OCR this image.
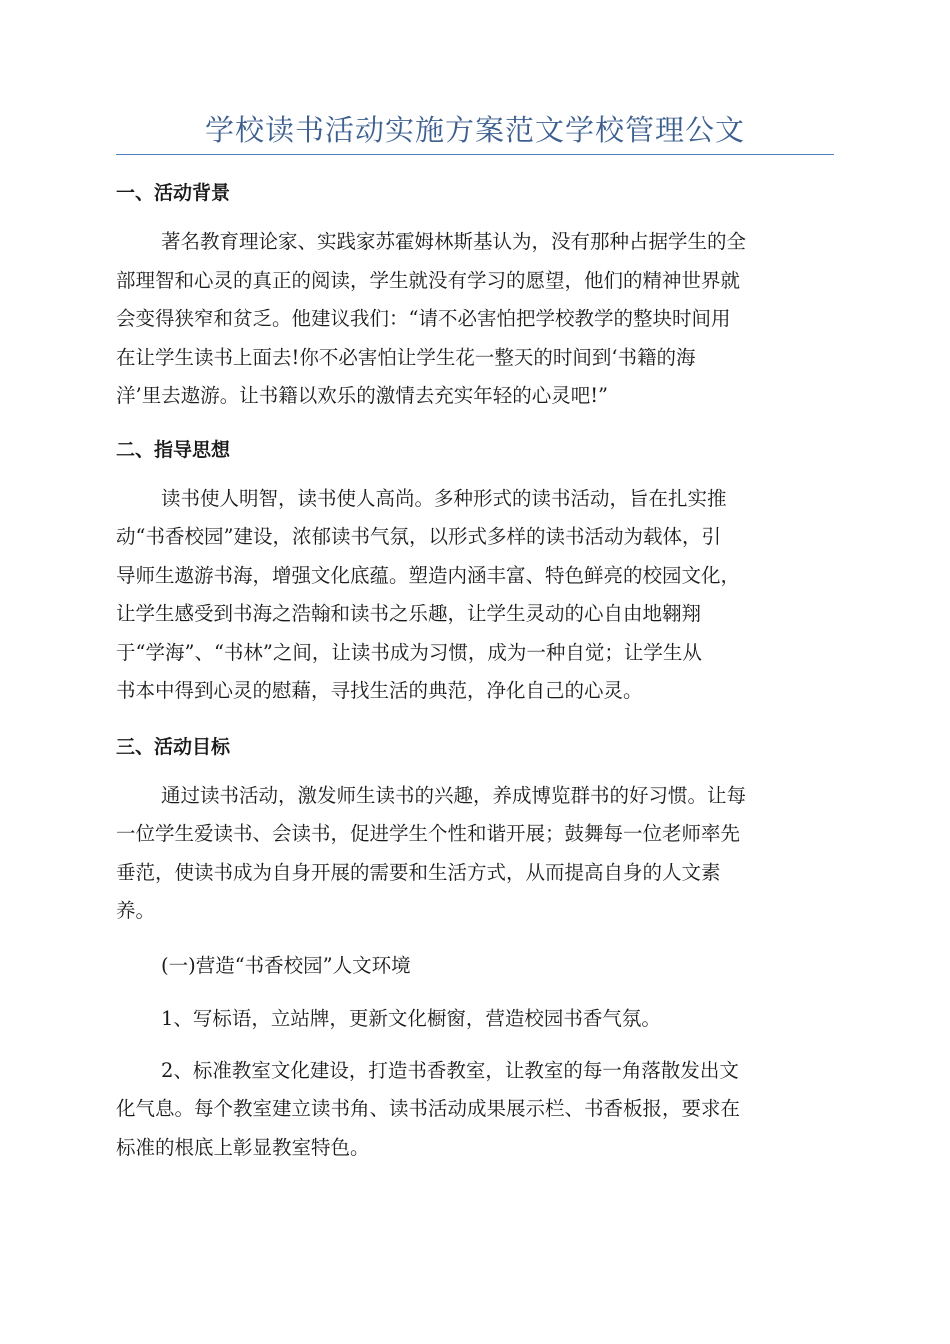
学校读书活动实施方案范文学校管理公文
一、活动背景
著名教育理论家、实践家苏霍姆林斯基认为，没有那种占据学生的全
部理智和心灵的真正的阅读，学生就没有学习的愿望，他们的精神世界就
会变得狭窄和贫乏。他建议我们：“请不必害怕把学校教学的整块时间用
在让学生读书上面去!你不必害怕让学生花一整天的时间到‘书籍的海
洋’里去遨游。让书籍以欢乐的激情去充实年轻的心灵吧!”
二、指导思想
读书使人明智，读书使人高尚。多种形式的读书活动，旨在扎实推
动“书香校园”建设，浓郁读书气氛，以形式多样的读书活动为载体，引
导师生遨游书海，增强文化底蕴。塑造内涵丰富、特色鲜亮的校园文化，
让学生感受到书海之浩翰和读书之乐趣，让学生灵动的心自由地翱翔
于“学海”、“书林”之间，让读书成为习惯，成为一种自觉；让学生从
书本中得到心灵的慰藉，寻找生活的典范，净化自己的心灵。
三、活动目标
通过读书活动，激发师生读书的兴趣，养成博览群书的好习惯。让每
一位学生爱读书、会读书，促进学生个性和谐开展；鼓舞每一位老师率先
垂范，使读书成为自身开展的需要和生活方式，从而提高自身的人文素
养。
(一)营造“书香校园”人文环境
1、写标语，立站牌，更新文化橱窗，营造校园书香气氛。
2、标准教室文化建设，打造书香教室，让教室的每一角落散发出文
化气息。每个教室建立读书角、读书活动成果展示栏、书香板报，要求在
标准的根底上彰显教室特色。
